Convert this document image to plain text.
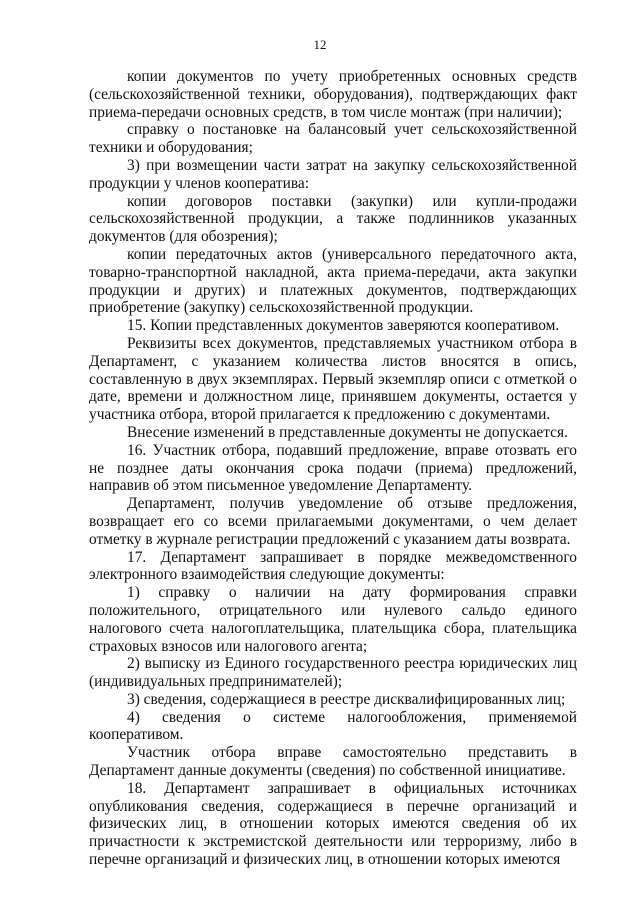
12

копии документов по учету приобретенных основных средств (сельскохозяйственной техники, оборудования), подтверждающих факт приема-передачи основных средств, в том числе монтаж (при наличии);

справку о постановке на балансовый учет сельскохозяйственной техники и оборудования;

3) при возмещении части затрат на закупку сельскохозяйственной продукции у членов кооператива:

копии договоров поставки (закупки) или купли-продажи сельскохозяйственной продукции, а также подлинников указанных документов (для обозрения);

копии передаточных актов (универсального передаточного акта, товарно-транспортной накладной, акта приема-передачи, акта закупки продукции и других) и платежных документов, подтверждающих приобретение (закупку) сельскохозяйственной продукции.

15. Копии представленных документов заверяются кооперативом.

Реквизиты всех документов, представляемых участником отбора в Департамент, с указанием количества листов вносятся в опись, составленную в двух экземплярах. Первый экземпляр описи с отметкой о дате, времени и должностном лице, принявшем документы, остается у участника отбора, второй прилагается к предложению с документами.

Внесение изменений в представленные документы не допускается.

16. Участник отбора, подавший предложение, вправе отозвать его не позднее даты окончания срока подачи (приема) предложений, направив об этом письменное уведомление Департаменту.

Департамент, получив уведомление об отзыве предложения, возвращает его со всеми прилагаемыми документами, о чем делает отметку в журнале регистрации предложений с указанием даты возврата.

17. Департамент запрашивает в порядке межведомственного электронного взаимодействия следующие документы:

1) справку о наличии на дату формирования справки положительного, отрицательного или нулевого сальдо единого налогового счета налогоплательщика, плательщика сбора, плательщика страховых взносов или налогового агента;

2) выписку из Единого государственного реестра юридических лиц (индивидуальных предпринимателей);

3) сведения, содержащиеся в реестре дисквалифицированных лиц;

4) сведения о системе налогообложения, применяемой кооперативом.

Участник отбора вправе самостоятельно представить в Департамент данные документы (сведения) по собственной инициативе.

18. Департамент запрашивает в официальных источниках опубликования сведения, содержащиеся в перечне организаций и физических лиц, в отношении которых имеются сведения об их причастности к экстремистской деятельности или терроризму, либо в перечне организаций и физических лиц, в отношении которых имеются
